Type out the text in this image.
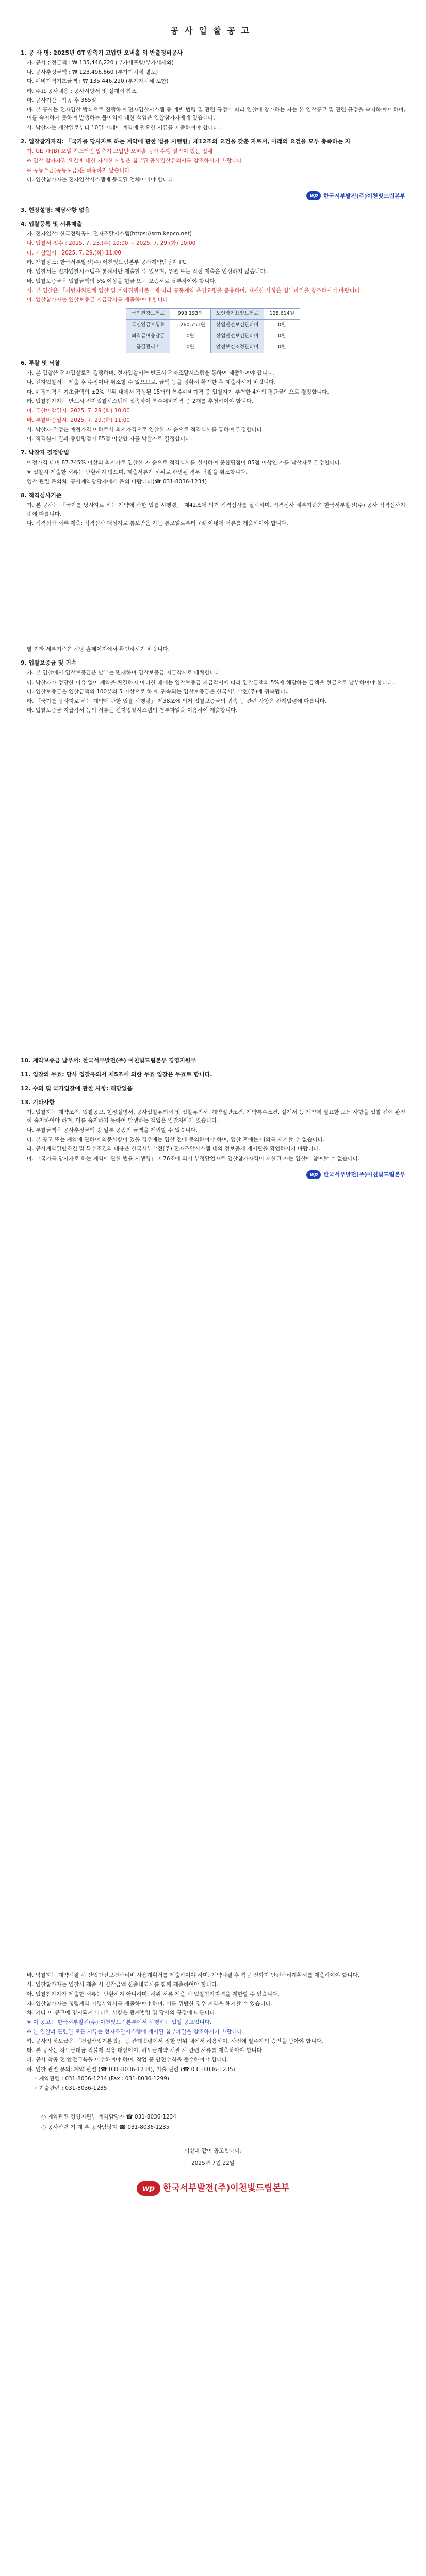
공사입찰공고
1. 공 사 명: 2025년 GT 압축기 고압단 오버홀 외 반출정비공사
가. 공사추정금액 : ₩ 135,446,220 (부가세포함/부가세제외)
나. 공사추정금액 : ₩ 123,496,660 (부가가치세 별도)
다. 예비가격기초금액 : ₩ 135,446,220 (부가가치세 포함)
라. 주요 공사내용 : 공사시방서 및 설계서 참조
마. 공사기간 : 착공 후 365일
바. 본 공사는 전자입찰 방식으로 진행하며 전자입찰시스템 등 개별 법령 및 관련 규정에 따라 입찰에 참가하는 자는 본 입찰공고 및 관련 규정을 숙지하여야 하며, 이를 숙지하지 못하여 발생하는 불이익에 대한 책임은 입찰참가자에게 있습니다.
사. 낙찰자는 개찰일로부터 10일 이내에 계약에 필요한 서류를 제출하여야 합니다.
2. 입찰참가자격: 「국가를 당사자로 하는 계약에 관한 법률 시행령」제12조의 요건을 갖춘 자로서, 아래의 요건을 모두 충족하는 자
가. GE 7F(B) 모델 가스터빈 압축기 고압단 오버홀 공사 수행 실적이 있는 업체
※ 입찰 참가자격 요건에 대한 자세한 사항은 첨부된 공사입찰유의서를 참조하시기 바랍니다.
※ 공동수급(공동도급)은 허용하지 않습니다.
나. 입찰참가자는 전자입찰시스템에 등록된 업체이어야 합니다.
wp	한국서부발전(주)이천빛드림본부
3. 현장설명: 해당사항 없음
4. 입찰등록 및 서류제출
가. 전자입찰: 한국전력공사 전자조달시스템(https://srm.kepco.net)
나. 입찰서 접수 : 2025. 7. 23.(수) 10:00 ~ 2025. 7. 29.(화) 10:00
다. 개찰일시 : 2025. 7. 29.(화) 11:00
라. 개찰장소: 한국서부발전(주) 이천빛드림본부 공사계약담당자 PC
마. 입찰서는 전자입찰시스템을 통해서만 제출할 수 있으며, 우편 또는 직접 제출은 인정하지 않습니다.
바. 입찰보증금은 입찰금액의 5% 이상을 현금 또는 보증서로 납부하여야 합니다.
사. 본 입찰은 「지방자치단체 입찰 및 계약집행기준」에 따라 공동계약 운영요령을 준용하며, 자세한 사항은 첨부파일을 참조하시기 바랍니다.
아. 입찰참가자는 입찰보증금 지급각서를 제출하여야 합니다.
국민건강보험료	993,193원	노인장기요양보험료	128,614원
국민연금보험료	1,260,751원	산업안전보건관리비	0원
퇴직급여충당금	0원	산업안전보건관리비	0원
품질관리비	0원	안전보건조정관리비	0원
6. 투찰 및 낙찰
가. 본 입찰은 전자입찰로만 집행하며, 전자입찰서는 반드시 전자조달시스템을 통하여 제출하여야 합니다.
나. 전자입찰서는 제출 후 수정이나 취소할 수 없으므로, 금액 등을 정확히 확인한 후 제출하시기 바랍니다.
다. 예정가격은 기초금액의 ±2% 범위 내에서 작성된 15개의 복수예비가격 중 입찰자가 추첨한 4개의 평균금액으로 결정합니다.
라. 입찰참가자는 반드시 전자입찰시스템에 접속하여 복수예비가격 중 2개를 추첨하여야 합니다.
마. 투찰마감일시: 2025. 7. 29.(화) 10:00
바. 투찰마감일시: 2025. 7. 29.(화) 11:00
사. 낙찰자 결정은 예정가격 이하로서 최저가격으로 입찰한 자 순으로 적격심사를 통하여 결정합니다.
아. 적격심사 결과 종합평점이 85점 이상인 자를 낙찰자로 결정합니다.
7. 낙찰자 결정방법
예정가격 대비 87.745% 이상의 최저가로 입찰한 자 순으로 적격심사를 실시하여 종합평점이 85점 이상인 자를 낙찰자로 결정합니다.
※ 입찰시 제출한 서류는 반환하지 않으며, 제출서류가 허위로 판명된 경우 낙찰을 취소합니다.
입찰 관련 문의처: 공사계약담당자에게 문의 바랍니다(☎ 031-8036-1234)
8. 적격심사기준
가. 본 공사는 「국가를 당사자로 하는 계약에 관한 법률 시행령」 제42조에 의거 적격심사를 실시하며, 적격심사 세부기준은 한국서부발전(주) 공사 적격심사기준에 따릅니다.
나. 적격심사 서류 제출: 적격심사 대상자로 통보받은 자는 통보일로부터 7일 이내에 서류를 제출하여야 합니다.
발 기타 세부기준은 해당 홈페이지에서 확인하시기 바랍니다.
9. 입찰보증금 및 귀속
가. 본 입찰에서 입찰보증금은 납부는 면제하며 입찰보증금 지급각서로 대체합니다.
나. 낙찰자가 정당한 이유 없이 계약을 체결하지 아니한 때에는 입찰보증금 지급각서에 따라 입찰금액의 5%에 해당하는 금액을 현금으로 납부하여야 합니다.
다. 입찰보증금은 입찰금액의 100분의 5 이상으로 하며, 귀속되는 입찰보증금은 한국서부발전(주)에 귀속됩니다.
라. 「국가를 당사자로 하는 계약에 관한 법률 시행령」 제38조에 의거 입찰보증금의 귀속 등 관련 사항은 관계법령에 따릅니다.
마. 입찰보증금 지급각서 등의 서류는 전자입찰시스템의 첨부파일을 이용하여 제출합니다.
10. 계약보증금 납부서: 한국서부발전(주) 이천빛드림본부 경영지원부
11. 입찰의 무효: 당사 입찰유의서 제5조에 의한 무효 입찰은 무효로 합니다.
12. 수의 및 국가입찰에 관한 사항: 해당없음
13. 기타사항
가. 입찰자는 계약조건, 입찰공고, 현장설명서, 공사입찰유의서 및 입찰유의서, 계약일반조건, 계약특수조건, 설계서 등 계약에 필요한 모든 사항을 입찰 전에 완전히 숙지하여야 하며, 이를 숙지하지 못하여 발생하는 책임은 입찰자에게 있습니다.
나. 투찰금액은 공사추정금액 중 일부 공종의 금액을 제외할 수 없습니다.
다. 본 공고 또는 계약에 관하여 의문사항이 있을 경우에는 입찰 전에 문의하여야 하며, 입찰 후에는 이의를 제기할 수 없습니다.
라. 공사계약일반조건 및 특수조건의 내용은 한국서부발전(주) 전자조달시스템 내의 정보공개 게시판을 확인하시기 바랍니다.
마. 「국가를 당사자로 하는 계약에 관한 법률 시행령」 제76조에 의거 부정당업자로 입찰참가자격이 제한된 자는 입찰에 참여할 수 없습니다.
wp	한국서부발전(주)이천빛드림본부
바. 낙찰자는 계약체결 시 산업안전보건관리비 사용계획서를 제출하여야 하며, 계약체결 후 착공 전까지 안전관리계획서를 제출하여야 합니다.
사. 입찰참가자는 입찰서 제출 시 입찰금액 산출내역서를 함께 제출하여야 합니다.
아. 입찰참가자가 제출한 서류는 반환하지 아니하며, 허위 서류 제출 시 입찰참가자격을 제한할 수 있습니다.
자. 입찰참가자는 청렴계약 이행서약서를 제출하여야 하며, 이를 위반한 경우 계약을 해지할 수 있습니다.
차. 기타 이 공고에 명시되지 아니한 사항은 관계법령 및 당사의 규정에 따릅니다.
※ 이 공고는 한국서부발전(주) 이천빛드림본부에서 시행하는 입찰 공고입니다.
※ 본 입찰과 관련된 모든 서류는 전자조달시스템에 게시된 첨부파일을 참조하시기 바랍니다.
카. 공사의 하도급은 「건설산업기본법」 등 관계법령에서 정한 범위 내에서 허용하며, 사전에 발주자의 승인을 받아야 합니다.
타. 본 공사는 하도급대금 직불제 적용 대상이며, 하도급계약 체결 시 관련 서류를 제출하여야 합니다.
파. 공사 착공 전 안전교육을 이수하여야 하며, 작업 중 안전수칙을 준수하여야 합니다.
하. 입찰 관련 문의: 계약 관련 (☎ 031-8036-1234), 기술 관련 (☎ 031-8036-1235)
◦ 계약관련 : 031-8036-1234 (Fax : 031-8036-1299)
◦ 기술관련 : 031-8036-1235
○ 계약관련 경영지원부 계약담당자 ☎ 031-8036-1234
○ 공사관련 기 계 부 공사담당자 ☎ 031-8036-1235
이상과 같이 공고합니다.
2025년 7월 22일
wp 한국서부발전(주)이천빛드림본부
